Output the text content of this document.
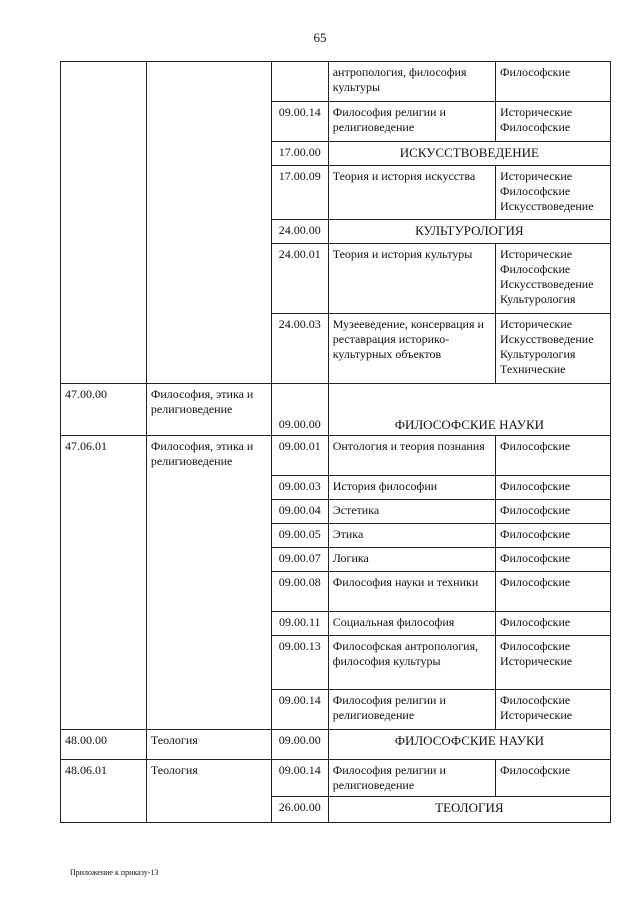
65
			антропология, философия культуры	Философские

		09.00.14	Философия религии и религиоведение	Исторические
Философские

		17.00.00	ИСКУССТВОВЕДЕНИЕ	
		17.00.09	Теория и история искусства	Исторические
Философские
Искусствоведение

		24.00.00	КУЛЬТУРОЛОГИЯ	
		24.00.01	Теория и история культуры	Исторические
Философские
Искусствоведение
Культурология

		24.00.03	Музееведение, консервация и реставрация историко-культурных объектов	Исторические
Искусствоведение
Культурология
Технические

47.00.00	Философия, этика и религиоведение	09.00.00	ФИЛОСОФСКИЕ НАУКИ	
47.06.01	Философия, этика и религиоведение	09.00.01	Онтология и теория познания	Философские

		09.00.03	История философии	Философские

		09.00.04	Эстетика	Философские

		09.00.05	Этика	Философские

		09.00.07	Логика	Философские

		09.00.08	Философия науки и техники	Философские

		09.00.11	Социальная философия	Философские

		09.00.13	Философская антропология, философия культуры	Философские
Исторические

		09.00.14	Философия религии и религиоведение	Философские
Исторические

48.00.00	Теология	09.00.00	ФИЛОСОФСКИЕ НАУКИ	
48.06.01	Теология	09.00.14	Философия религии и религиоведение	Философские

		26.00.00	ТЕОЛОГИЯ	
Приложение к приказу-13
